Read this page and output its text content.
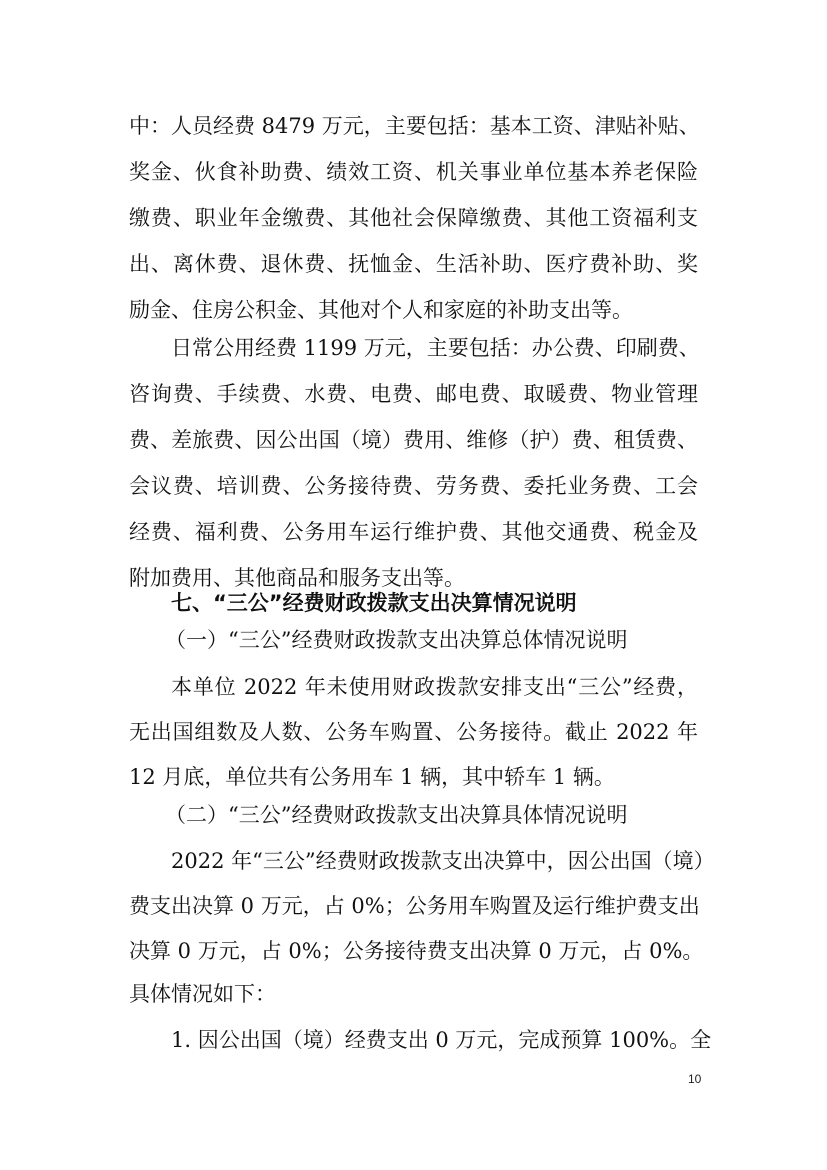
中：人员经费 8479 万元，主要包括：基本工资、津贴补贴、
奖金、伙食补助费、绩效工资、机关事业单位基本养老保险
缴费、职业年金缴费、其他社会保障缴费、其他工资福利支
出、离休费、退休费、抚恤金、生活补助、医疗费补助、奖
励金、住房公积金、其他对个人和家庭的补助支出等。
日常公用经费 1199 万元，主要包括：办公费、印刷费、
咨询费、手续费、水费、电费、邮电费、取暖费、物业管理
费、差旅费、因公出国（境）费用、维修（护）费、租赁费、
会议费、培训费、公务接待费、劳务费、委托业务费、工会
经费、福利费、公务用车运行维护费、其他交通费、税金及
附加费用、其他商品和服务支出等。
七、“三公”经费财政拨款支出决算情况说明
（一）“三公”经费财政拨款支出决算总体情况说明
本单位 2022 年未使用财政拨款安排支出“三公”经费，
无出国组数及人数、公务车购置、公务接待。截止 2022 年
12 月底，单位共有公务用车 1 辆，其中轿车 1 辆。
（二）“三公”经费财政拨款支出决算具体情况说明
2022 年“三公”经费财政拨款支出决算中，因公出国（境）
费支出决算 0 万元，占 0%；公务用车购置及运行维护费支出
决算 0 万元，占 0%；公务接待费支出决算 0 万元，占 0%。
具体情况如下：
1. 因公出国（境）经费支出 0 万元，完成预算 100%。全
10
